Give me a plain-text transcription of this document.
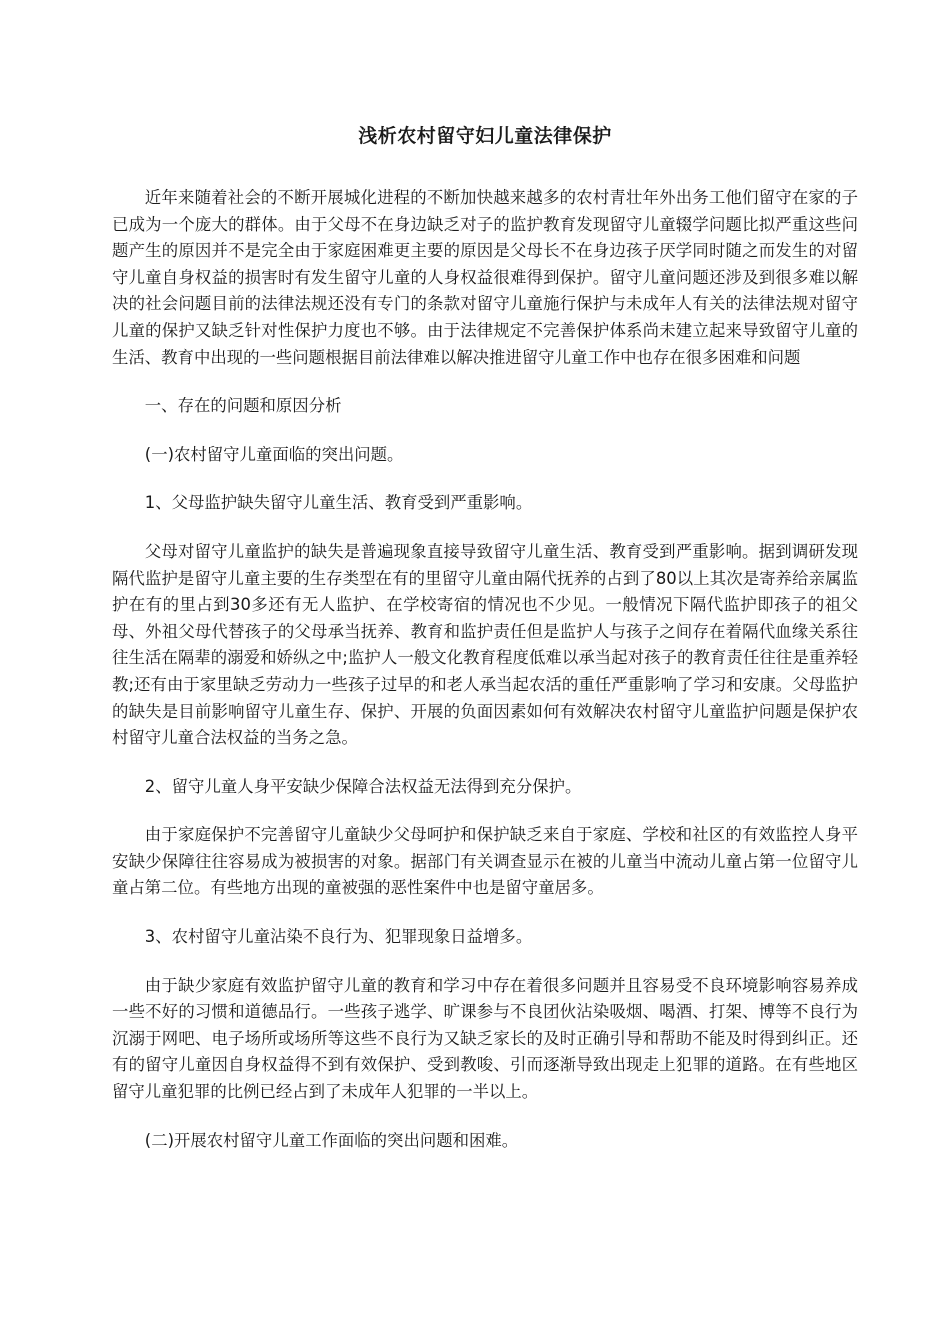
浅析农村留守妇儿童法律保护

近年来随着社会的不断开展城化进程的不断加快越来越多的农村青壮年外出务工他们留守在家的子已成为一个庞大的群体。由于父母不在身边缺乏对子的监护教育发现留守儿童辍学问题比拟严重这些问题产生的原因并不是完全由于家庭困难更主要的原因是父母长不在身边孩子厌学同时随之而发生的对留守儿童自身权益的损害时有发生留守儿童的人身权益很难得到保护。留守儿童问题还涉及到很多难以解决的社会问题目前的法律法规还没有专门的条款对留守儿童施行保护与未成年人有关的法律法规对留守儿童的保护又缺乏针对性保护力度也不够。由于法律规定不完善保护体系尚未建立起来导致留守儿童的生活、教育中出现的一些问题根据目前法律难以解决推进留守儿童工作中也存在很多困难和问题

一、存在的问题和原因分析

(一)农村留守儿童面临的突出问题。

1、父母监护缺失留守儿童生活、教育受到严重影响。

父母对留守儿童监护的缺失是普遍现象直接导致留守儿童生活、教育受到严重影响。据到调研发现隔代监护是留守儿童主要的生存类型在有的里留守儿童由隔代抚养的占到了80以上其次是寄养给亲属监护在有的里占到30多还有无人监护、在学校寄宿的情况也不少见。一般情况下隔代监护即孩子的祖父母、外祖父母代替孩子的父母承当抚养、教育和监护责任但是监护人与孩子之间存在着隔代血缘关系往往生活在隔辈的溺爱和娇纵之中;监护人一般文化教育程度低难以承当起对孩子的教育责任往往是重养轻教;还有由于家里缺乏劳动力一些孩子过早的和老人承当起农活的重任严重影响了学习和安康。父母监护的缺失是目前影响留守儿童生存、保护、开展的负面因素如何有效解决农村留守儿童监护问题是保护农村留守儿童合法权益的当务之急。

2、留守儿童人身平安缺少保障合法权益无法得到充分保护。

由于家庭保护不完善留守儿童缺少父母呵护和保护缺乏来自于家庭、学校和社区的有效监控人身平安缺少保障往往容易成为被损害的对象。据部门有关调查显示在被的儿童当中流动儿童占第一位留守儿童占第二位。有些地方出现的童被强的恶性案件中也是留守童居多。

3、农村留守儿童沾染不良行为、犯罪现象日益增多。

由于缺少家庭有效监护留守儿童的教育和学习中存在着很多问题并且容易受不良环境影响容易养成一些不好的习惯和道德品行。一些孩子逃学、旷课参与不良团伙沾染吸烟、喝酒、打架、博等不良行为沉溺于网吧、电子场所或场所等这些不良行为又缺乏家长的及时正确引导和帮助不能及时得到纠正。还有的留守儿童因自身权益得不到有效保护、受到教唆、引而逐渐导致出现走上犯罪的道路。在有些地区留守儿童犯罪的比例已经占到了未成年人犯罪的一半以上。

(二)开展农村留守儿童工作面临的突出问题和困难。
